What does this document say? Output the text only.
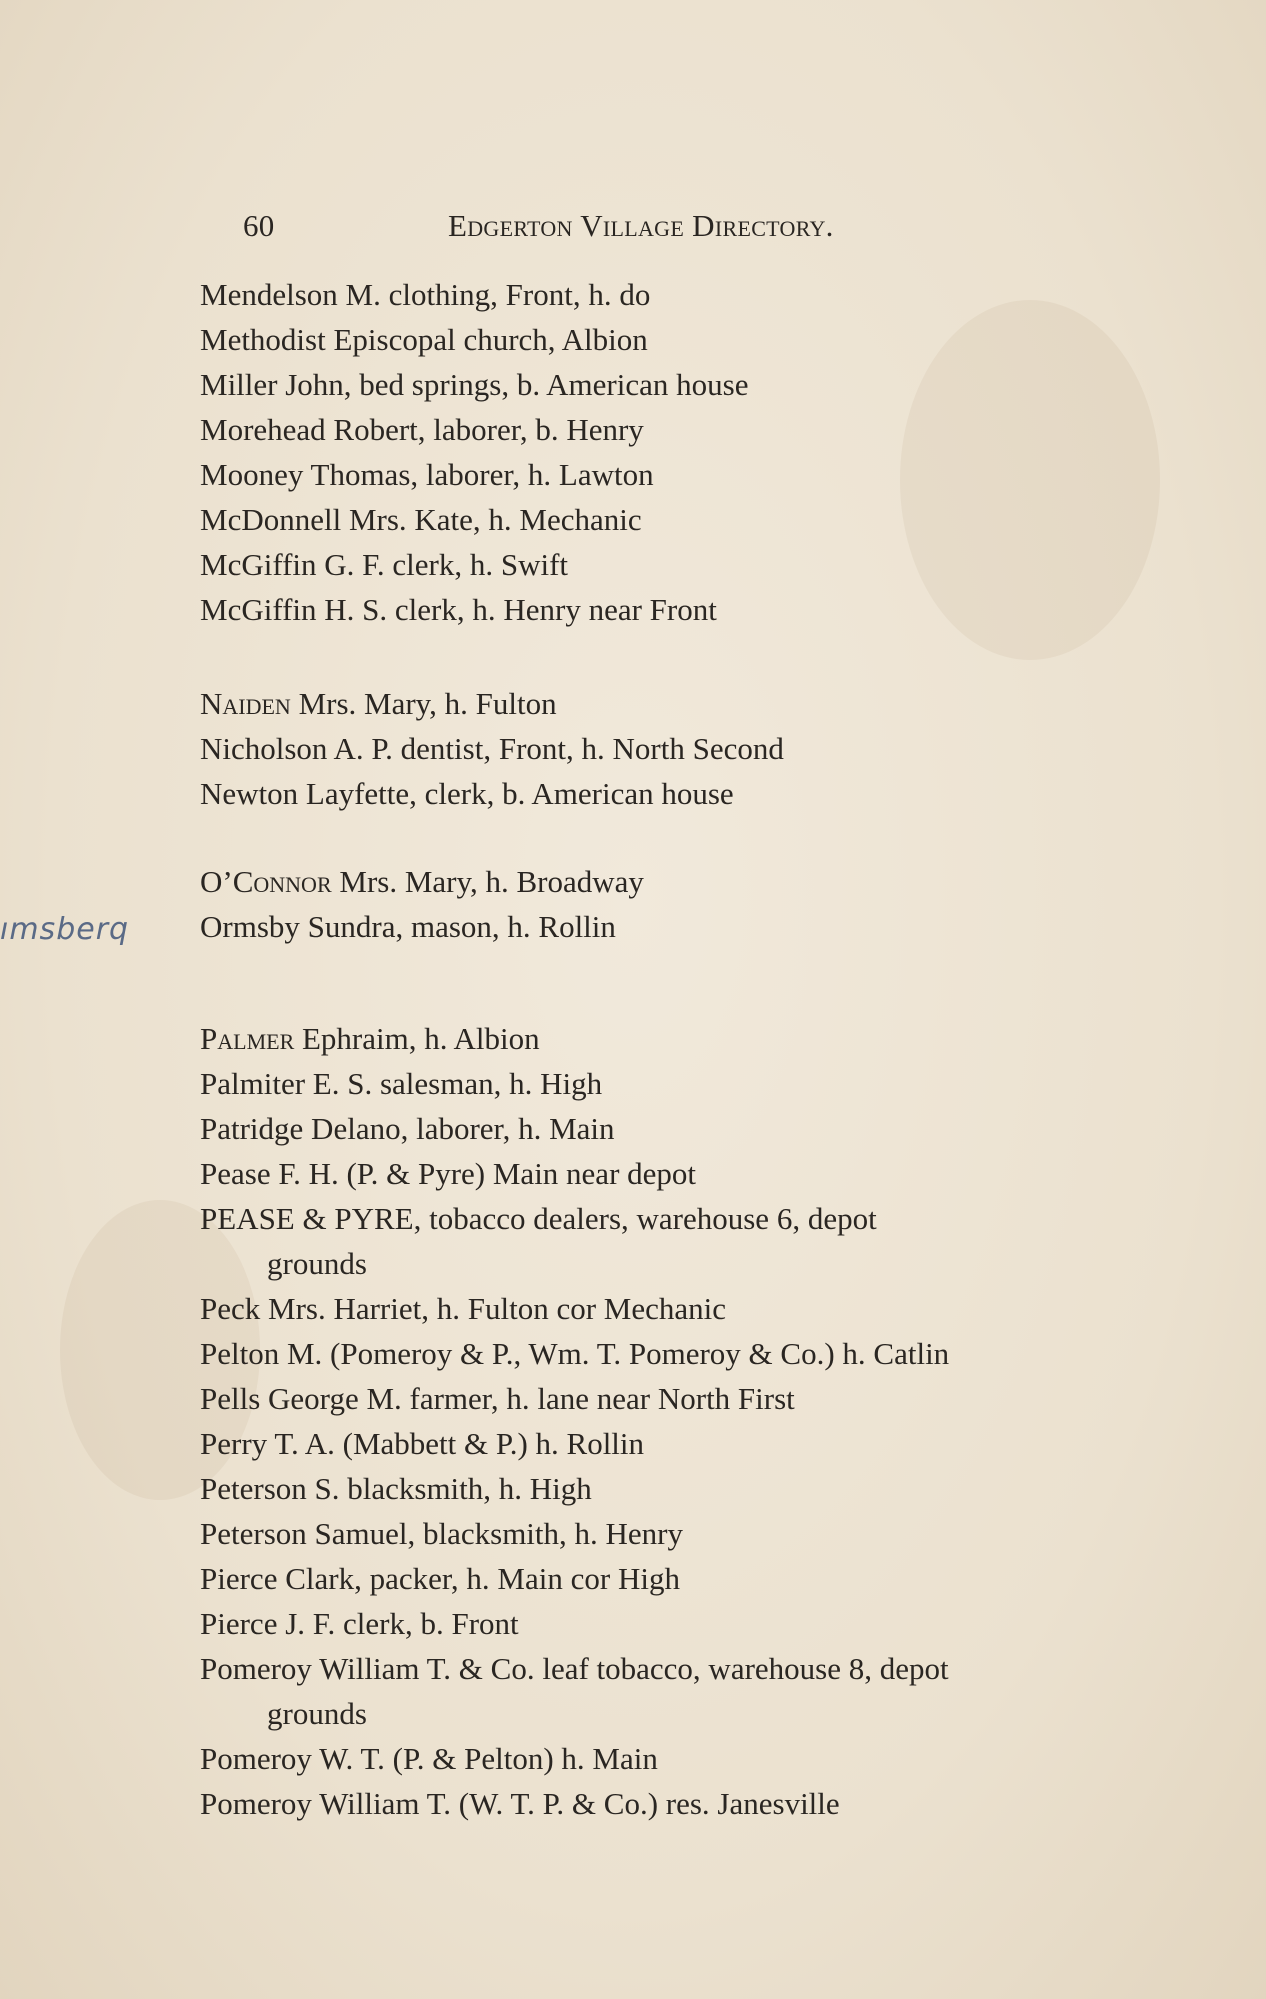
60	Edgerton Village Directory.
ımsberq
Mendelson M. clothing, Front, h. do
Methodist Episcopal church, Albion
Miller John, bed springs, b. American house
Morehead Robert, laborer, b. Henry
Mooney Thomas, laborer, h. Lawton
McDonnell Mrs. Kate, h. Mechanic
McGiffin G. F. clerk, h. Swift
McGiffin H. S. clerk, h. Henry near Front
Naiden Mrs. Mary, h. Fulton
Nicholson A. P. dentist, Front, h. North Second
Newton Layfette, clerk, b. American house
O’Connor Mrs. Mary, h. Broadway
Ormsby Sundra, mason, h. Rollin
Palmer Ephraim, h. Albion
Palmiter E. S. salesman, h. High
Patridge Delano, laborer, h. Main
Pease F. H. (P. & Pyre) Main near depot
PEASE & PYRE, tobacco dealers, warehouse 6, depot
grounds
Peck Mrs. Harriet, h. Fulton cor Mechanic
Pelton M. (Pomeroy & P., Wm. T. Pomeroy & Co.) h. Catlin
Pells George M. farmer, h. lane near North First
Perry T. A. (Mabbett & P.) h. Rollin
Peterson S. blacksmith, h. High
Peterson Samuel, blacksmith, h. Henry
Pierce Clark, packer, h. Main cor High
Pierce J. F. clerk, b. Front
Pomeroy William T. & Co. leaf tobacco, warehouse 8, depot
grounds
Pomeroy W. T. (P. & Pelton) h. Main
Pomeroy William T. (W. T. P. & Co.) res. Janesville
